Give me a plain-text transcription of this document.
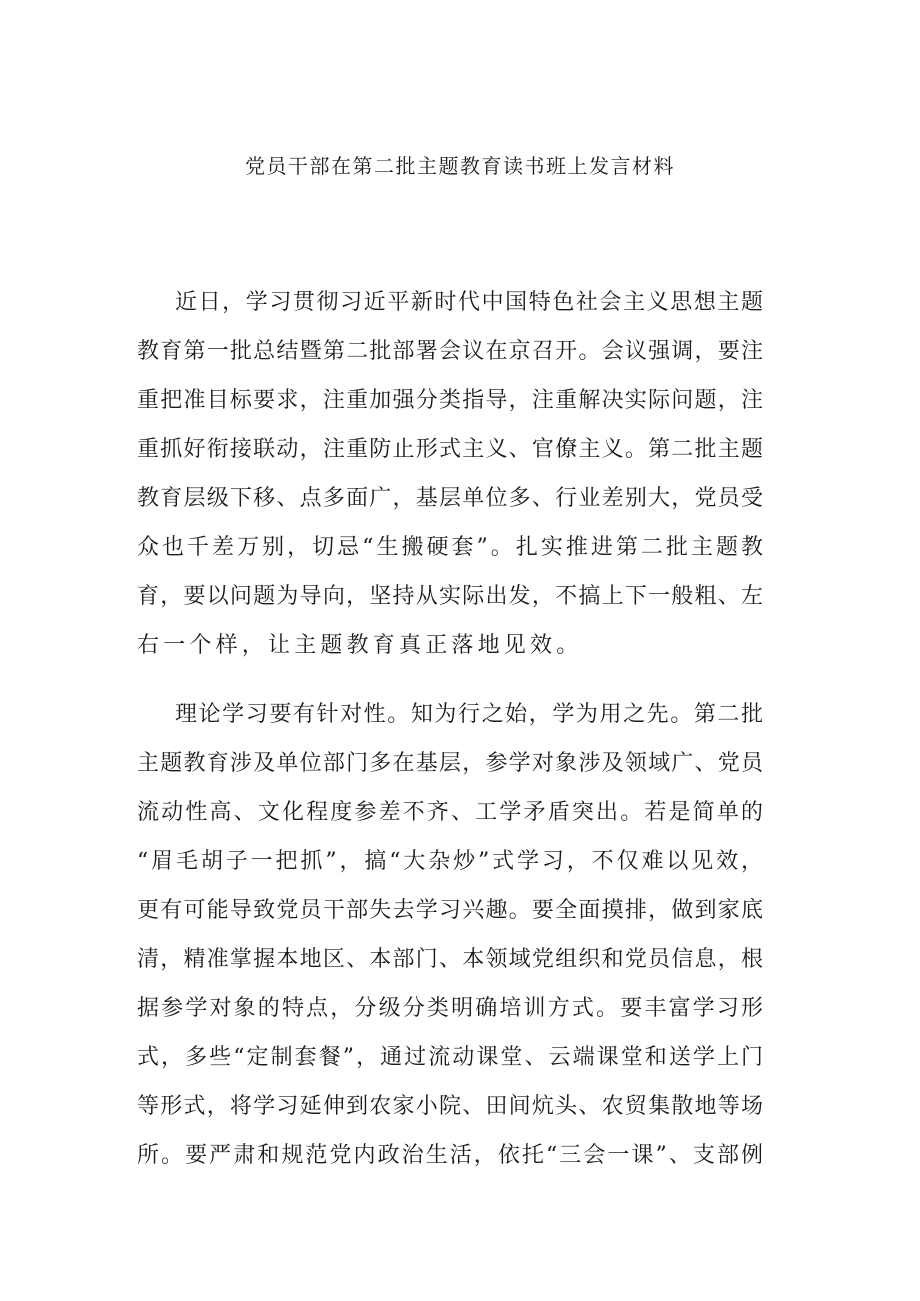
党员干部在第二批主题教育读书班上发言材料
近日，学习贯彻习近平新时代中国特色社会主义思想主题
教育第一批总结暨第二批部署会议在京召开。会议强调，要注
重把准目标要求，注重加强分类指导，注重解决实际问题，注
重抓好衔接联动，注重防止形式主义、官僚主义。第二批主题
教育层级下移、点多面广，基层单位多、行业差别大，党员受
众也千差万别，切忌“生搬硬套”。扎实推进第二批主题教
育，要以问题为导向，坚持从实际出发，不搞上下一般粗、左
右一个样，让主题教育真正落地见效。
理论学习要有针对性。知为行之始，学为用之先。第二批
主题教育涉及单位部门多在基层，参学对象涉及领域广、党员
流动性高、文化程度参差不齐、工学矛盾突出。若是简单的
“眉毛胡子一把抓”，搞“大杂炒”式学习，不仅难以见效，
更有可能导致党员干部失去学习兴趣。要全面摸排，做到家底
清，精准掌握本地区、本部门、本领域党组织和党员信息，根
据参学对象的特点，分级分类明确培训方式。要丰富学习形
式，多些“定制套餐”，通过流动课堂、云端课堂和送学上门
等形式，将学习延伸到农家小院、田间炕头、农贸集散地等场
所。要严肃和规范党内政治生活，依托“三会一课”、支部例
